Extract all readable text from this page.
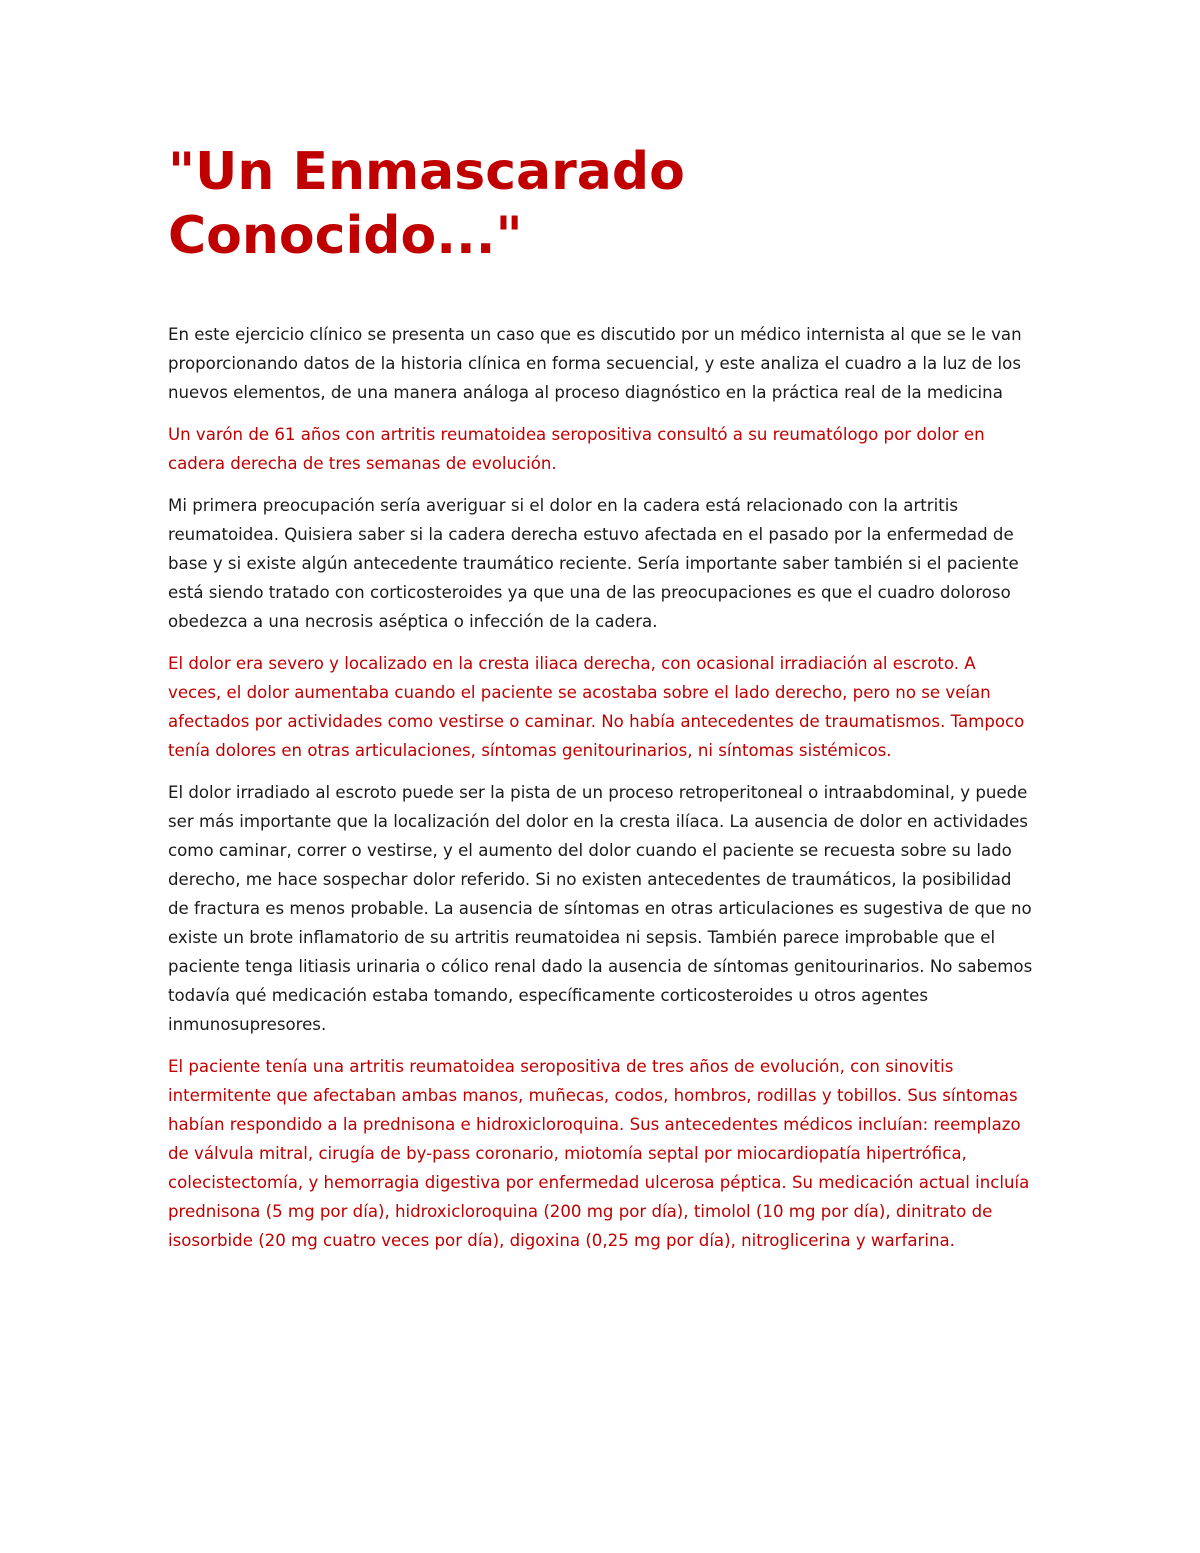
"Un Enmascarado Conocido..."

En este ejercicio clínico se presenta un caso que es discutido por un médico internista al que se le van proporcionando datos de la historia clínica en forma secuencial, y este analiza el cuadro a la luz de los nuevos elementos, de una manera análoga al proceso diagnóstico en la práctica real de la medicina

Un varón de 61 años con artritis reumatoidea seropositiva consultó a su reumatólogo por dolor en cadera derecha de tres semanas de evolución.

Mi primera preocupación sería averiguar si el dolor en la cadera está relacionado con la artritis reumatoidea. Quisiera saber si la cadera derecha estuvo afectada en el pasado por la enfermedad de base y si existe algún antecedente traumático reciente. Sería importante saber también si el paciente está siendo tratado con corticosteroides ya que una de las preocupaciones es que el cuadro doloroso obedezca a una necrosis aséptica o infección de la cadera.

El dolor era severo y localizado en la cresta iliaca derecha, con ocasional irradiación al escroto. A veces, el dolor aumentaba cuando el paciente se acostaba sobre el lado derecho, pero no se veían afectados por actividades como vestirse o caminar. No había antecedentes de traumatismos. Tampoco tenía dolores en otras articulaciones, síntomas genitourinarios, ni síntomas sistémicos.

El dolor irradiado al escroto puede ser la pista de un proceso retroperitoneal o intraabdominal, y puede ser más importante que la localización del dolor en la cresta ilíaca. La ausencia de dolor en actividades como caminar, correr o vestirse, y el aumento del dolor cuando el paciente se recuesta sobre su lado derecho, me hace sospechar dolor referido. Si no existen antecedentes de traumáticos, la posibilidad de fractura es menos probable. La ausencia de síntomas en otras articulaciones es sugestiva de que no existe un brote inflamatorio de su artritis reumatoidea ni sepsis. También parece improbable que el paciente tenga litiasis urinaria o cólico renal dado la ausencia de síntomas genitourinarios. No sabemos todavía qué medicación estaba tomando, específicamente corticosteroides u otros agentes inmunosupresores.

El paciente tenía una artritis reumatoidea seropositiva de tres años de evolución, con sinovitis intermitente que afectaban ambas manos, muñecas, codos, hombros, rodillas y tobillos. Sus síntomas habían respondido a la prednisona e hidroxicloroquina. Sus antecedentes médicos incluían: reemplazo de válvula mitral, cirugía de by-pass coronario, miotomía septal por miocardiopatía hipertrófica, colecistectomía, y hemorragia digestiva por enfermedad ulcerosa péptica. Su medicación actual incluía prednisona (5 mg por día), hidroxicloroquina (200 mg por día), timolol (10 mg por día), dinitrato de isosorbide (20 mg cuatro veces por día), digoxina (0,25 mg por día), nitroglicerina y warfarina.
